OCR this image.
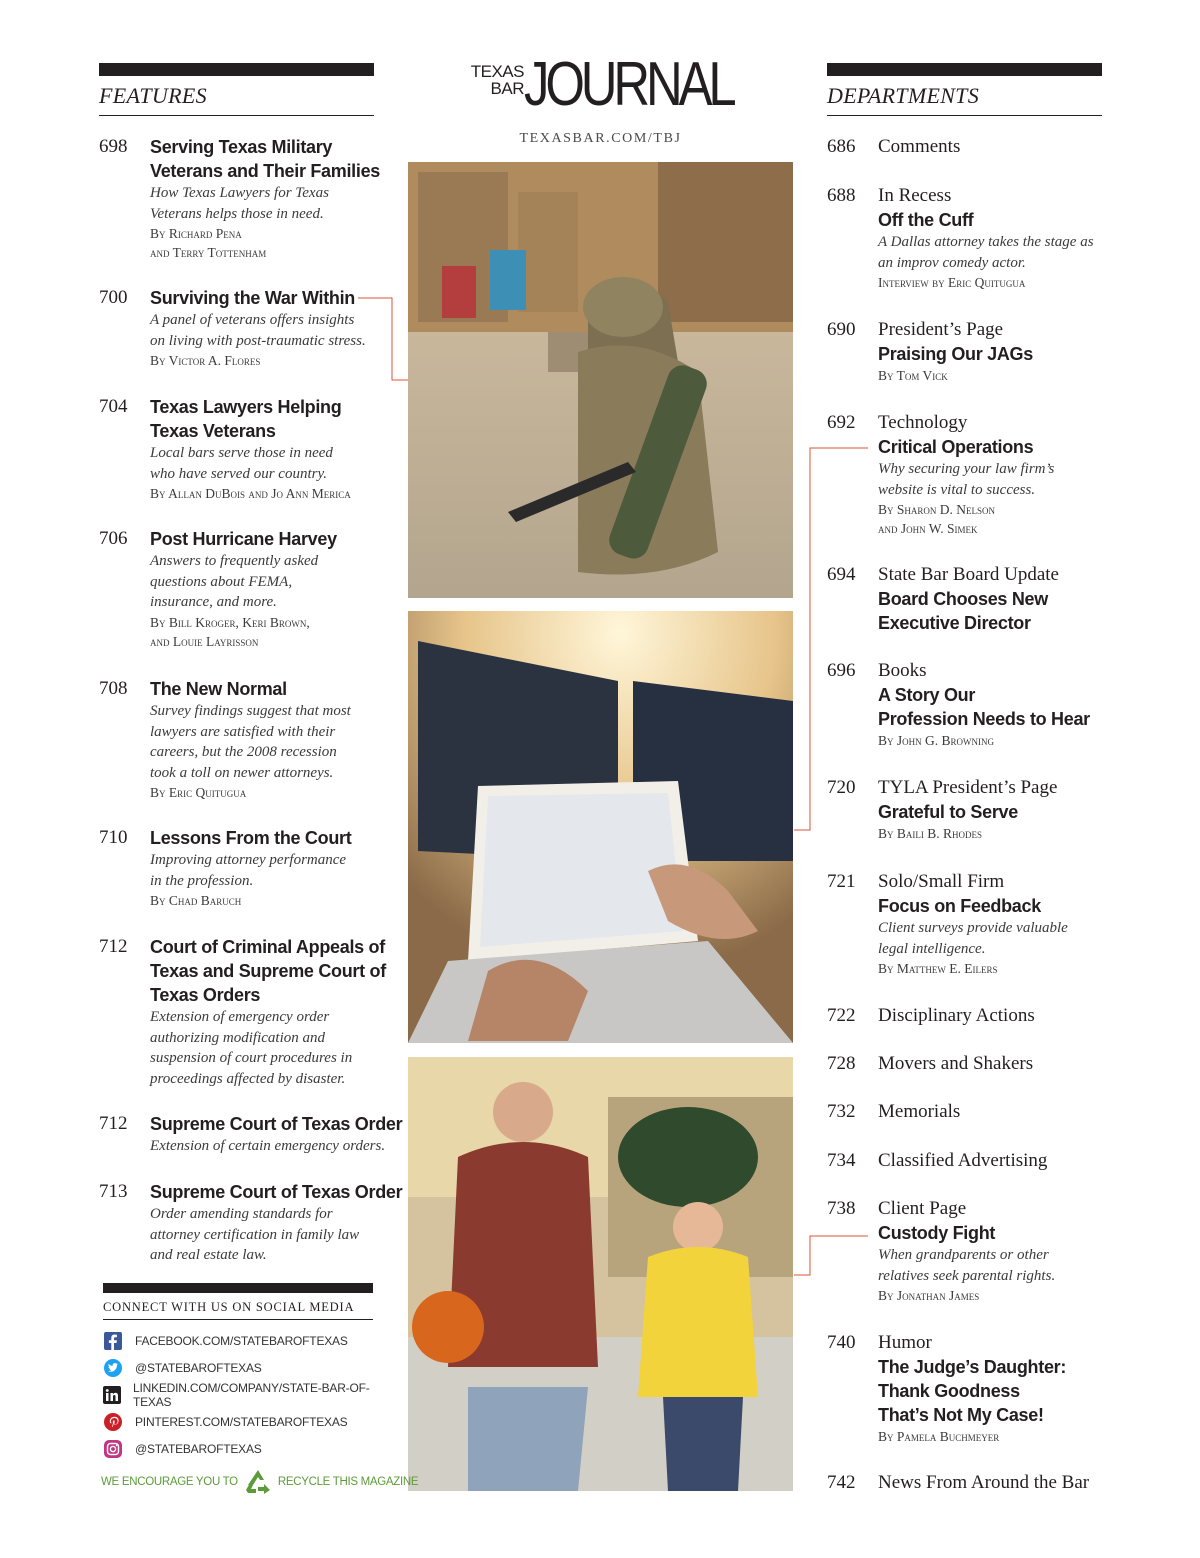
FEATURES
698 Serving Texas Military
Veterans and Their Families
How Texas Lawyers for Texas
Veterans helps those in need.
By Richard Pena
and Terry Tottenham
700 Surviving the War Within
A panel of veterans offers insights
on living with post-traumatic stress.
By Victor A. Flores
704 Texas Lawyers Helping
Texas Veterans
Local bars serve those in need
who have served our country.
By Allan DuBois and Jo Ann Merica
706 Post Hurricane Harvey
Answers to frequently asked
questions about FEMA,
insurance, and more.
By Bill Kroger, Keri Brown,
and Louie Layrisson
708 The New Normal
Survey findings suggest that most
lawyers are satisfied with their
careers, but the 2008 recession
took a toll on newer attorneys.
By Eric Quitugua
710 Lessons From the Court
Improving attorney performance
in the profession.
By Chad Baruch
712 Court of Criminal Appeals of
Texas and Supreme Court of
Texas Orders
Extension of emergency order
authorizing modification and
suspension of court procedures in
proceedings affected by disaster.
712 Supreme Court of Texas Order
Extension of certain emergency orders.
713 Supreme Court of Texas Order
Order amending standards for
attorney certification in family law
and real estate law.
DEPARTMENTS
686 Comments
688 In Recess
Off the Cuff
A Dallas attorney takes the stage as
an improv comedy actor.
Interview by Eric Quitugua
690 President’s Page
Praising Our JAGs
By Tom Vick
692 Technology
Critical Operations
Why securing your law firm’s
website is vital to success.
By Sharon D. Nelson
and John W. Simek
694 State Bar Board Update
Board Chooses New
Executive Director
696 Books
A Story Our
Profession Needs to Hear
By John G. Browning
720 TYLA President’s Page
Grateful to Serve
By Baili B. Rhodes
721 Solo/Small Firm
Focus on Feedback
Client surveys provide valuable
legal intelligence.
By Matthew E. Eilers
722 Disciplinary Actions
728 Movers and Shakers
732 Memorials
734 Classified Advertising
738 Client Page
Custody Fight
When grandparents or other
relatives seek parental rights.
By Jonathan James
740 Humor
The Judge’s Daughter:
Thank Goodness
That’s Not My Case!
By Pamela Buchmeyer
742 News From Around the Bar
TEXAS
BAR JOURNAL
TEXASBAR.COM/TBJ
CONNECT WITH US ON SOCIAL MEDIA
FACEBOOK.COM/STATEBAROFTEXAS
@STATEBAROFTEXAS
LINKEDIN.COM/COMPANY/STATE-BAR-OF-TEXAS
PINTEREST.COM/STATEBAROFTEXAS
@STATEBAROFTEXAS
WE ENCOURAGE YOU TO	RECYCLE THIS MAGAZINE
